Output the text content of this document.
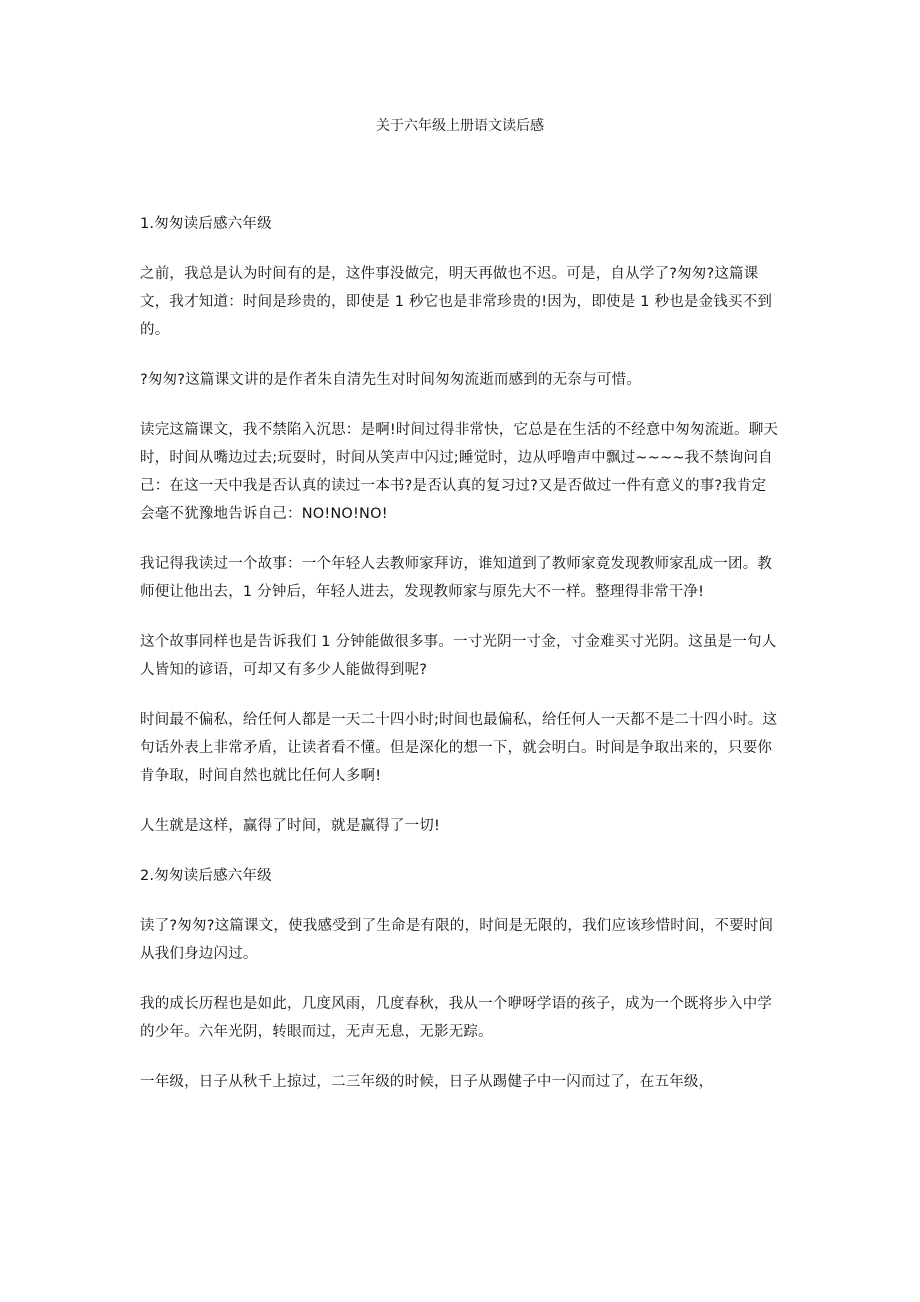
关于六年级上册语文读后感

1.匆匆读后感六年级

之前，我总是认为时间有的是，这件事没做完，明天再做也不迟。可是，自从学了?匆匆?这篇课文，我才知道：时间是珍贵的，即使是 1 秒它也是非常珍贵的!因为，即使是 1 秒也是金钱买不到的。

?匆匆?这篇课文讲的是作者朱自清先生对时间匆匆流逝而感到的无奈与可惜。

读完这篇课文，我不禁陷入沉思：是啊!时间过得非常快，它总是在生活的不经意中匆匆流逝。聊天时，时间从嘴边过去;玩耍时，时间从笑声中闪过;睡觉时，边从呼噜声中飘过~~~~我不禁询问自己：在这一天中我是否认真的读过一本书?是否认真的复习过?又是否做过一件有意义的事?我肯定会毫不犹豫地告诉自己：NO!NO!NO!

我记得我读过一个故事：一个年轻人去教师家拜访，谁知道到了教师家竟发现教师家乱成一团。教师便让他出去，1 分钟后，年轻人进去，发现教师家与原先大不一样。整理得非常干净!

这个故事同样也是告诉我们 1 分钟能做很多事。一寸光阴一寸金，寸金难买寸光阴。这虽是一句人人皆知的谚语，可却又有多少人能做得到呢?

时间最不偏私，给任何人都是一天二十四小时;时间也最偏私，给任何人一天都不是二十四小时。这句话外表上非常矛盾，让读者看不懂。但是深化的想一下，就会明白。时间是争取出来的，只要你肯争取，时间自然也就比任何人多啊!

人生就是这样，赢得了时间，就是赢得了一切!

2.匆匆读后感六年级

读了?匆匆?这篇课文，使我感受到了生命是有限的，时间是无限的，我们应该珍惜时间，不要时间从我们身边闪过。

我的成长历程也是如此，几度风雨，几度春秋，我从一个咿呀学语的孩子，成为一个既将步入中学的少年。六年光阴，转眼而过，无声无息，无影无踪。

一年级，日子从秋千上掠过，二三年级的时候，日子从踢健子中一闪而过了，在五年级，
